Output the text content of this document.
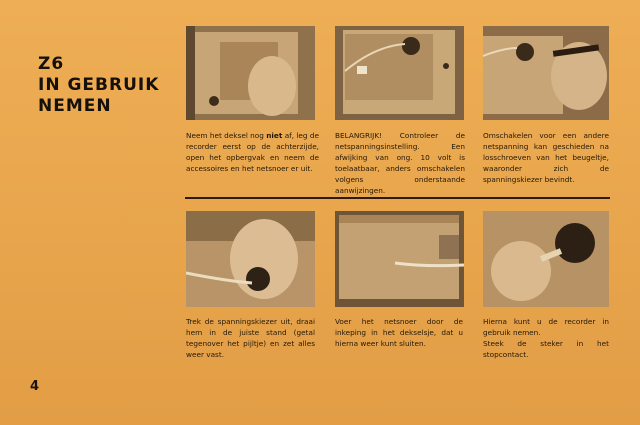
Z6
IN GEBRUIK
NEMEN
Neem het deksel nog niet af, leg de recorder eerst op de achterzijde, open het opbergvak en neem de accessoires en het netsnoer er uit.
BELANGRIJK! Controleer de netspanningsinstelling. Een afwijking van ong. 10 volt is toelaatbaar, anders omschakelen volgens onderstaande aanwijzingen.
Omschakelen voor een andere netspanning kan geschieden na losschroeven van het beugeltje, waaronder zich de spanningskiezer bevindt.
Trek de spanningskiezer uit, draai hem in de juiste stand (getal tegenover het pijltje) en zet alles weer vast.
Voer het netsnoer door de inkeping in het dekselsje, dat u hierna weer kunt sluiten.
Hierna kunt u de recorder in gebruik nemen.
Steek de steker in het stopcontact.
4
